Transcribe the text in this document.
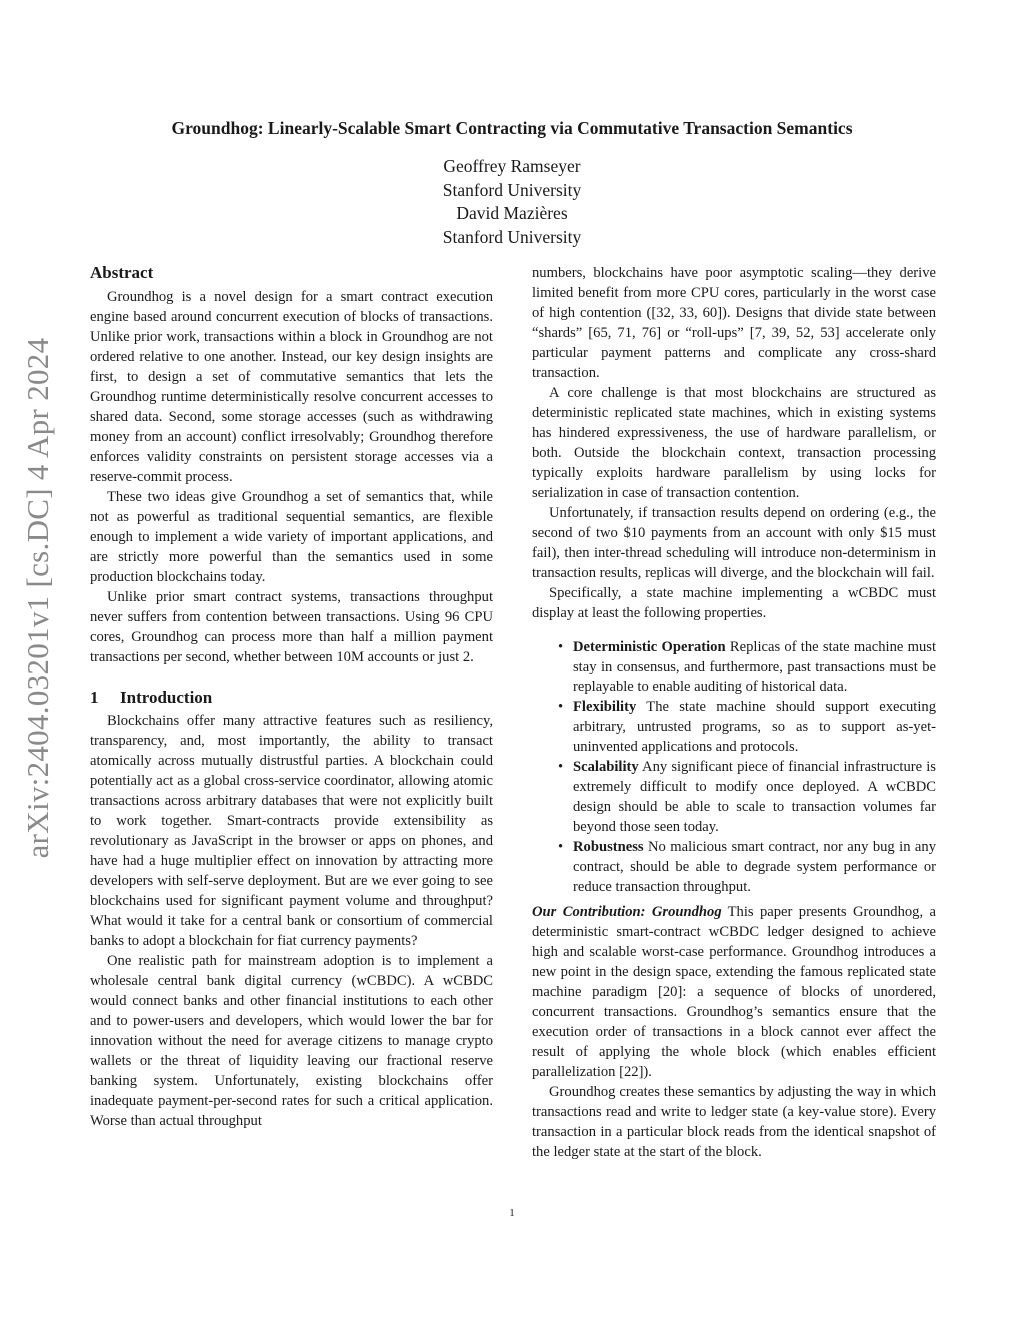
arXiv:2404.03201v1 [cs.DC] 4 Apr 2024
Groundhog: Linearly-Scalable Smart Contracting via Commutative Transaction Semantics
Geoffrey Ramseyer
Stanford University
David Mazières
Stanford University
Abstract

Groundhog is a novel design for a smart contract execution engine based around concurrent execution of blocks of transactions. Unlike prior work, transactions within a block in Groundhog are not ordered relative to one another. Instead, our key design insights are first, to design a set of commutative semantics that lets the Groundhog runtime deterministically resolve concurrent accesses to shared data. Second, some storage accesses (such as withdrawing money from an account) conflict irresolvably; Groundhog therefore enforces validity constraints on persistent storage accesses via a reserve-commit process.

These two ideas give Groundhog a set of semantics that, while not as powerful as traditional sequential semantics, are flexible enough to implement a wide variety of important applications, and are strictly more powerful than the semantics used in some production blockchains today.

Unlike prior smart contract systems, transactions throughput never suffers from contention between transactions. Using 96 CPU cores, Groundhog can process more than half a million payment transactions per second, whether between 10M accounts or just 2.

1 Introduction

Blockchains offer many attractive features such as resiliency, transparency, and, most importantly, the ability to transact atomically across mutually distrustful parties. A blockchain could potentially act as a global cross-service coordinator, allowing atomic transactions across arbitrary databases that were not explicitly built to work together. Smart-contracts provide extensibility as revolutionary as JavaScript in the browser or apps on phones, and have had a huge multiplier effect on innovation by attracting more developers with self-serve deployment. But are we ever going to see blockchains used for significant payment volume and throughput? What would it take for a central bank or consortium of commercial banks to adopt a blockchain for fiat currency payments?

One realistic path for mainstream adoption is to implement a wholesale central bank digital currency (wCBDC). A wCBDC would connect banks and other financial institutions to each other and to power-users and developers, which would lower the bar for innovation without the need for average citizens to manage crypto wallets or the threat of liquidity leaving our fractional reserve banking system. Unfortunately, existing blockchains offer inadequate payment-per-second rates for such a critical application. Worse than actual throughput

numbers, blockchains have poor asymptotic scaling—they derive limited benefit from more CPU cores, particularly in the worst case of high contention ([32, 33, 60]). Designs that divide state between “shards” [65, 71, 76] or “roll-ups” [7, 39, 52, 53] accelerate only particular payment patterns and complicate any cross-shard transaction.

A core challenge is that most blockchains are structured as deterministic replicated state machines, which in existing systems has hindered expressiveness, the use of hardware parallelism, or both. Outside the blockchain context, transaction processing typically exploits hardware parallelism by using locks for serialization in case of transaction contention.

Unfortunately, if transaction results depend on ordering (e.g., the second of two $10 payments from an account with only $15 must fail), then inter-thread scheduling will introduce non-determinism in transaction results, replicas will diverge, and the blockchain will fail.

Specifically, a state machine implementing a wCBDC must display at least the following properties.

• Deterministic Operation Replicas of the state machine must stay in consensus, and furthermore, past transactions must be replayable to enable auditing of historical data.
• Flexibility The state machine should support executing arbitrary, untrusted programs, so as to support as-yet-uninvented applications and protocols.
• Scalability Any significant piece of financial infrastructure is extremely difficult to modify once deployed. A wCBDC design should be able to scale to transaction volumes far beyond those seen today.
• Robustness No malicious smart contract, nor any bug in any contract, should be able to degrade system performance or reduce transaction throughput.

Our Contribution: Groundhog This paper presents Groundhog, a deterministic smart-contract wCBDC ledger designed to achieve high and scalable worst-case performance. Groundhog introduces a new point in the design space, extending the famous replicated state machine paradigm [20]: a sequence of blocks of unordered, concurrent transactions. Groundhog’s semantics ensure that the execution order of transactions in a block cannot ever affect the result of applying the whole block (which enables efficient parallelization [22]).

Groundhog creates these semantics by adjusting the way in which transactions read and write to ledger state (a key-value store). Every transaction in a particular block reads from the identical snapshot of the ledger state at the start of the block.

1
